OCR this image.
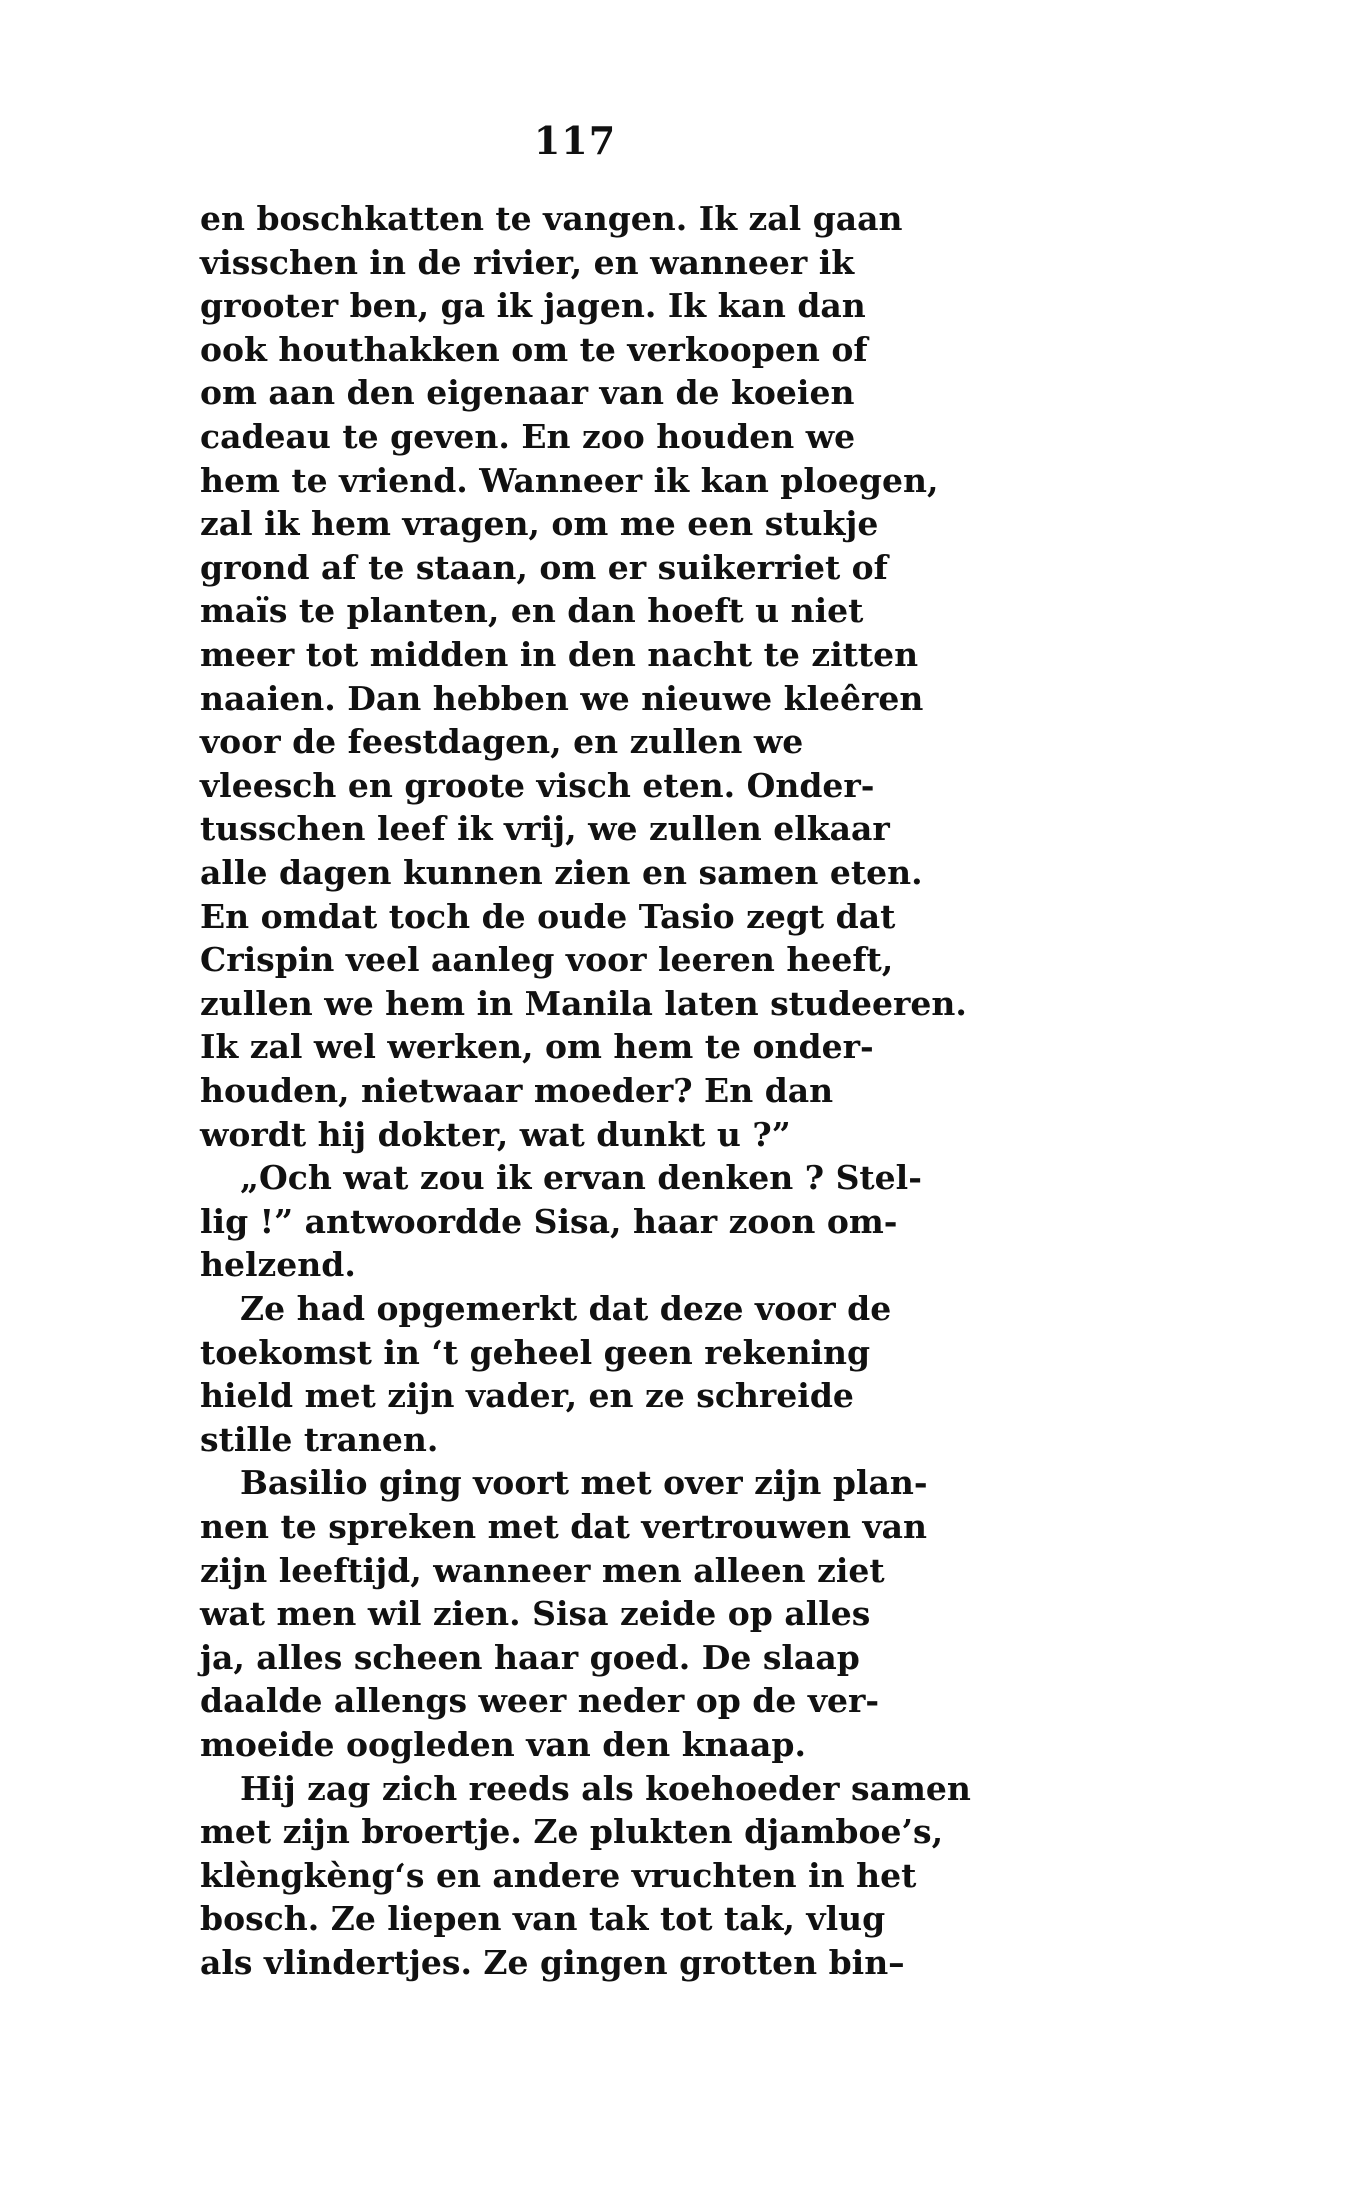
117
en boschkatten te vangen. Ik zal gaan
visschen in de rivier, en wanneer ik
grooter ben, ga ik jagen. Ik kan dan
ook houthakken om te verkoopen of
om aan den eigenaar van de koeien
cadeau te geven. En zoo houden we
hem te vriend. Wanneer ik kan ploegen,
zal ik hem vragen, om me een stukje
grond af te staan, om er suikerriet of
maïs te planten, en dan hoeft u niet
meer tot midden in den nacht te zitten
naaien. Dan hebben we nieuwe kleêren
voor de feestdagen, en zullen we
vleesch en groote visch eten. Onder-
tusschen leef ik vrij, we zullen elkaar
alle dagen kunnen zien en samen eten.
En omdat toch de oude Tasio zegt dat
Crispin veel aanleg voor leeren heeft,
zullen we hem in Manila laten studeeren.
Ik zal wel werken, om hem te onder-
houden, nietwaar moeder? En dan
wordt hij dokter, wat dunkt u ?”
„Och wat zou ik ervan denken ? Stel-
lig !” antwoordde Sisa, haar zoon om-
helzend.
Ze had opgemerkt dat deze voor de
toekomst in ‘t geheel geen rekening
hield met zijn vader, en ze schreide
stille tranen.
Basilio ging voort met over zijn plan-
nen te spreken met dat vertrouwen van
zijn leeftijd, wanneer men alleen ziet
wat men wil zien. Sisa zeide op alles
ja, alles scheen haar goed. De slaap
daalde allengs weer neder op de ver-
moeide oogleden van den knaap.
Hij zag zich reeds als koehoeder samen
met zijn broertje. Ze plukten djamboe’s,
klèngkèng‘s en andere vruchten in het
bosch. Ze liepen van tak tot tak, vlug
als vlindertjes. Ze gingen grotten bin–
